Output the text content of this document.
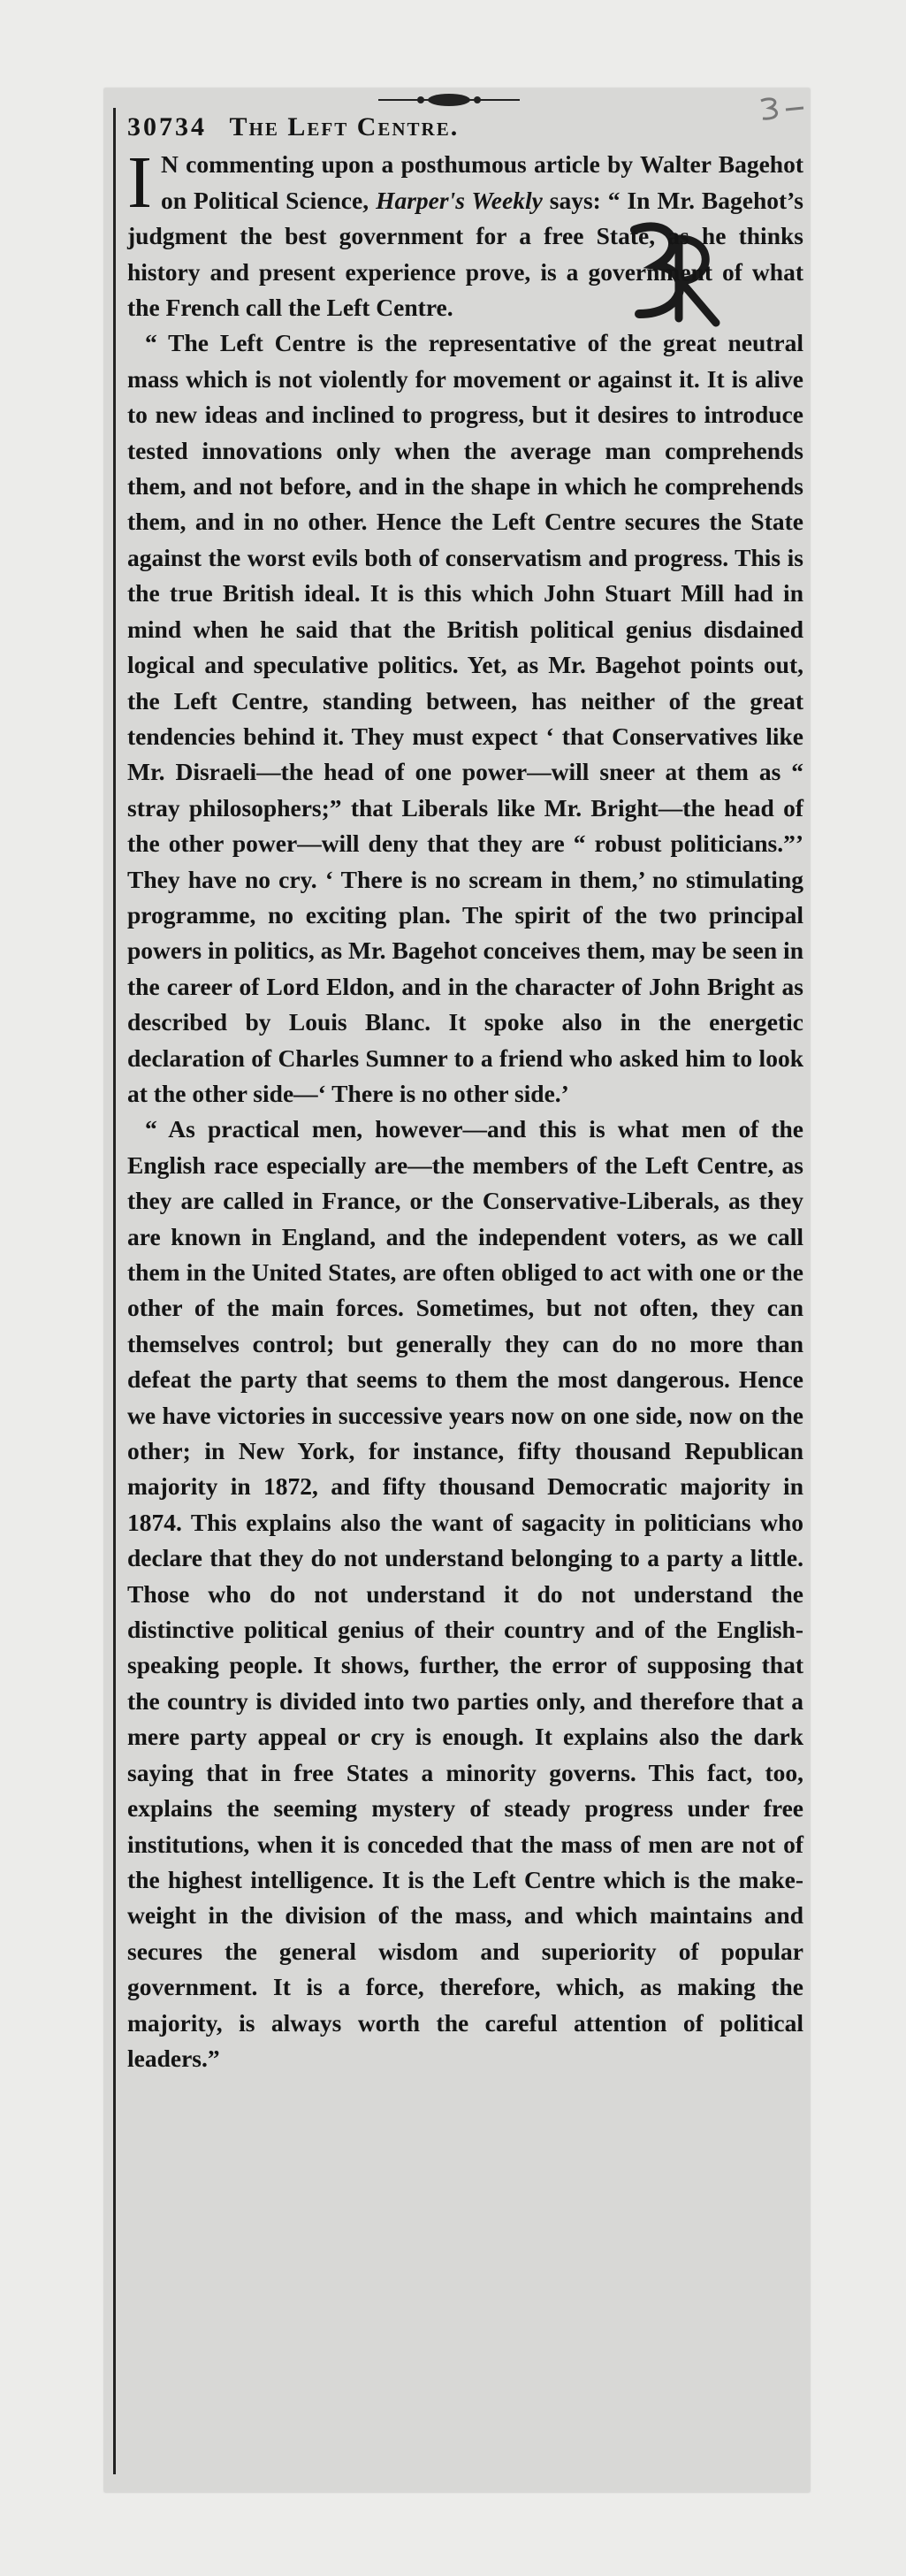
30734 The Left Centre.

I N commenting upon a posthumous article by Walter Bagehot on Political Science, Harper's Weekly says: “ In Mr. Bagehot’s judgment the best government for a free State, as he thinks history and present experience prove, is a government of what the French call the Left Centre.

“ The Left Centre is the representative of the great neutral mass which is not violently for movement or against it. It is alive to new ideas and inclined to progress, but it desires to introduce tested innovations only when the average man comprehends them, and not before, and in the shape in which he comprehends them, and in no other. Hence the Left Centre secures the State against the worst evils both of conservatism and progress. This is the true British ideal. It is this which John Stuart Mill had in mind when he said that the British political genius disdained logical and speculative politics. Yet, as Mr. Bagehot points out, the Left Centre, standing between, has neither of the great tendencies behind it. They must expect ‘ that Conservatives like Mr. Disraeli—the head of one power—will sneer at them as “ stray philosophers;” that Liberals like Mr. Bright—the head of the other power—will deny that they are “ robust politicians.”’ They have no cry. ‘ There is no scream in them,’ no stimulating programme, no exciting plan. The spirit of the two principal powers in politics, as Mr. Bagehot conceives them, may be seen in the career of Lord Eldon, and in the character of John Bright as described by Louis Blanc. It spoke also in the energetic declaration of Charles Sumner to a friend who asked him to look at the other side—‘ There is no other side.’

“ As practical men, however—and this is what men of the English race especially are—the members of the Left Centre, as they are called in France, or the Conservative-Liberals, as they are known in England, and the independent voters, as we call them in the United States, are often obliged to act with one or the other of the main forces. Sometimes, but not often, they can themselves control; but generally they can do no more than defeat the party that seems to them the most dangerous. Hence we have victories in successive years now on one side, now on the other; in New York, for instance, fifty thousand Republican majority in 1872, and fifty thousand Democratic majority in 1874. This explains also the want of sagacity in politicians who declare that they do not understand belonging to a party a little. Those who do not understand it do not understand the distinctive political genius of their country and of the English-speaking people. It shows, further, the error of supposing that the country is divided into two parties only, and therefore that a mere party appeal or cry is enough. It explains also the dark saying that in free States a minority governs. This fact, too, explains the seeming mystery of steady progress under free institutions, when it is conceded that the mass of men are not of the highest intelligence. It is the Left Centre which is the make-weight in the division of the mass, and which maintains and secures the general wisdom and superiority of popular government. It is a force, therefore, which, as making the majority, is always worth the careful attention of political leaders.”
